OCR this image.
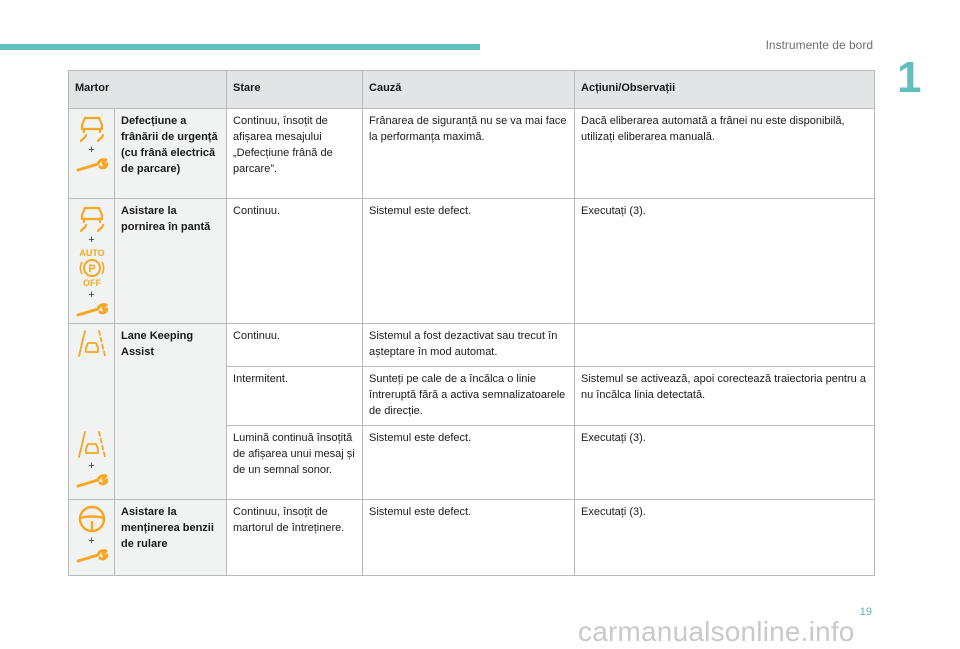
Instrumente de bord
1
Martor		Stare	Cauză	Acțiuni/Observații

+	Defecțiune a frânării de urgență (cu frână electrică de parcare)	Continuu, însoțit de afișarea mesajului „Defecțiune frână de parcare”.	Frânarea de siguranță nu se va mai face la performanța maximă.	Dacă eliberarea automată a frânei nu este disponibilă, utilizați eliberarea manuală.

+
AUTO
P
OFF
+	Asistare la pornirea în pantă	Continuu.	Sistemul este defect.	Executați (3).

	Lane Keeping Assist	Continuu.	Sistemul a fost dezactivat sau trecut în așteptare în mod automat.	
		Intermitent.	Sunteți pe cale de a încălca o linie întreruptă fără a activa semnalizatoarele de direcție.	Sistemul se activează, apoi corectează traiectoria pentru a nu încălca linia detectată.

+		Lumină continuă însoțită de afișarea unui mesaj și de un semnal sonor.	Sistemul este defect.	Executați (3).

+	Asistare la menținerea benzii de rulare	Continuu, însoțit de martorul de întreținere.	Sistemul este defect.	Executați (3).
19
carmanualsonline.info
